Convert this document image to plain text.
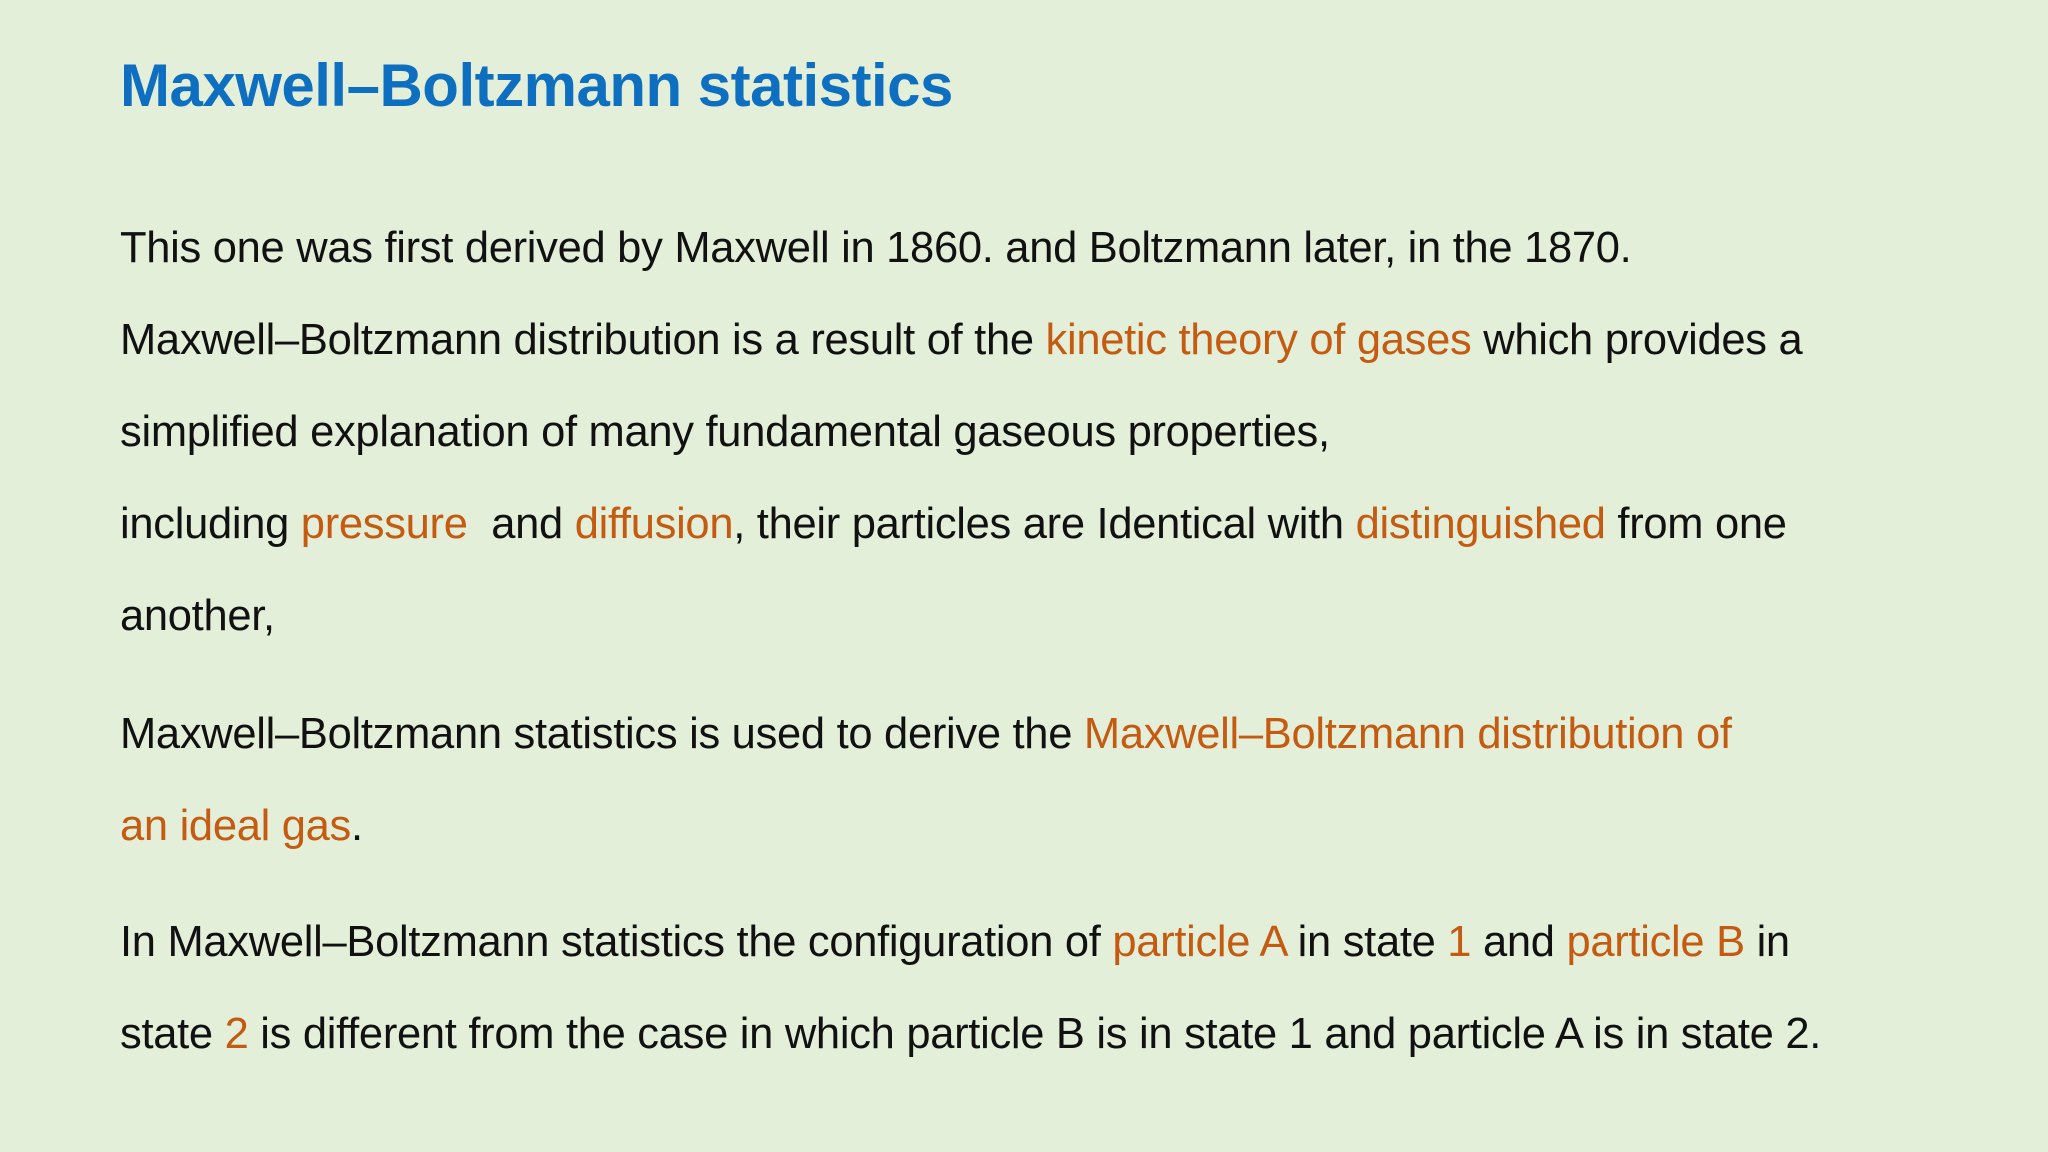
Maxwell–Boltzmann statistics
This one was first derived by Maxwell in 1860. and Boltzmann later, in the 1870.
Maxwell–Boltzmann distribution is a result of the kinetic theory of gases which provides a
simplified explanation of many fundamental gaseous properties,
including pressure  and diffusion, their particles are Identical with distinguished from one
another,
Maxwell–Boltzmann statistics is used to derive the Maxwell–Boltzmann distribution of
an ideal gas.
In Maxwell–Boltzmann statistics the configuration of particle A in state 1 and particle B in
state 2 is different from the case in which particle B is in state 1 and particle A is in state 2.
